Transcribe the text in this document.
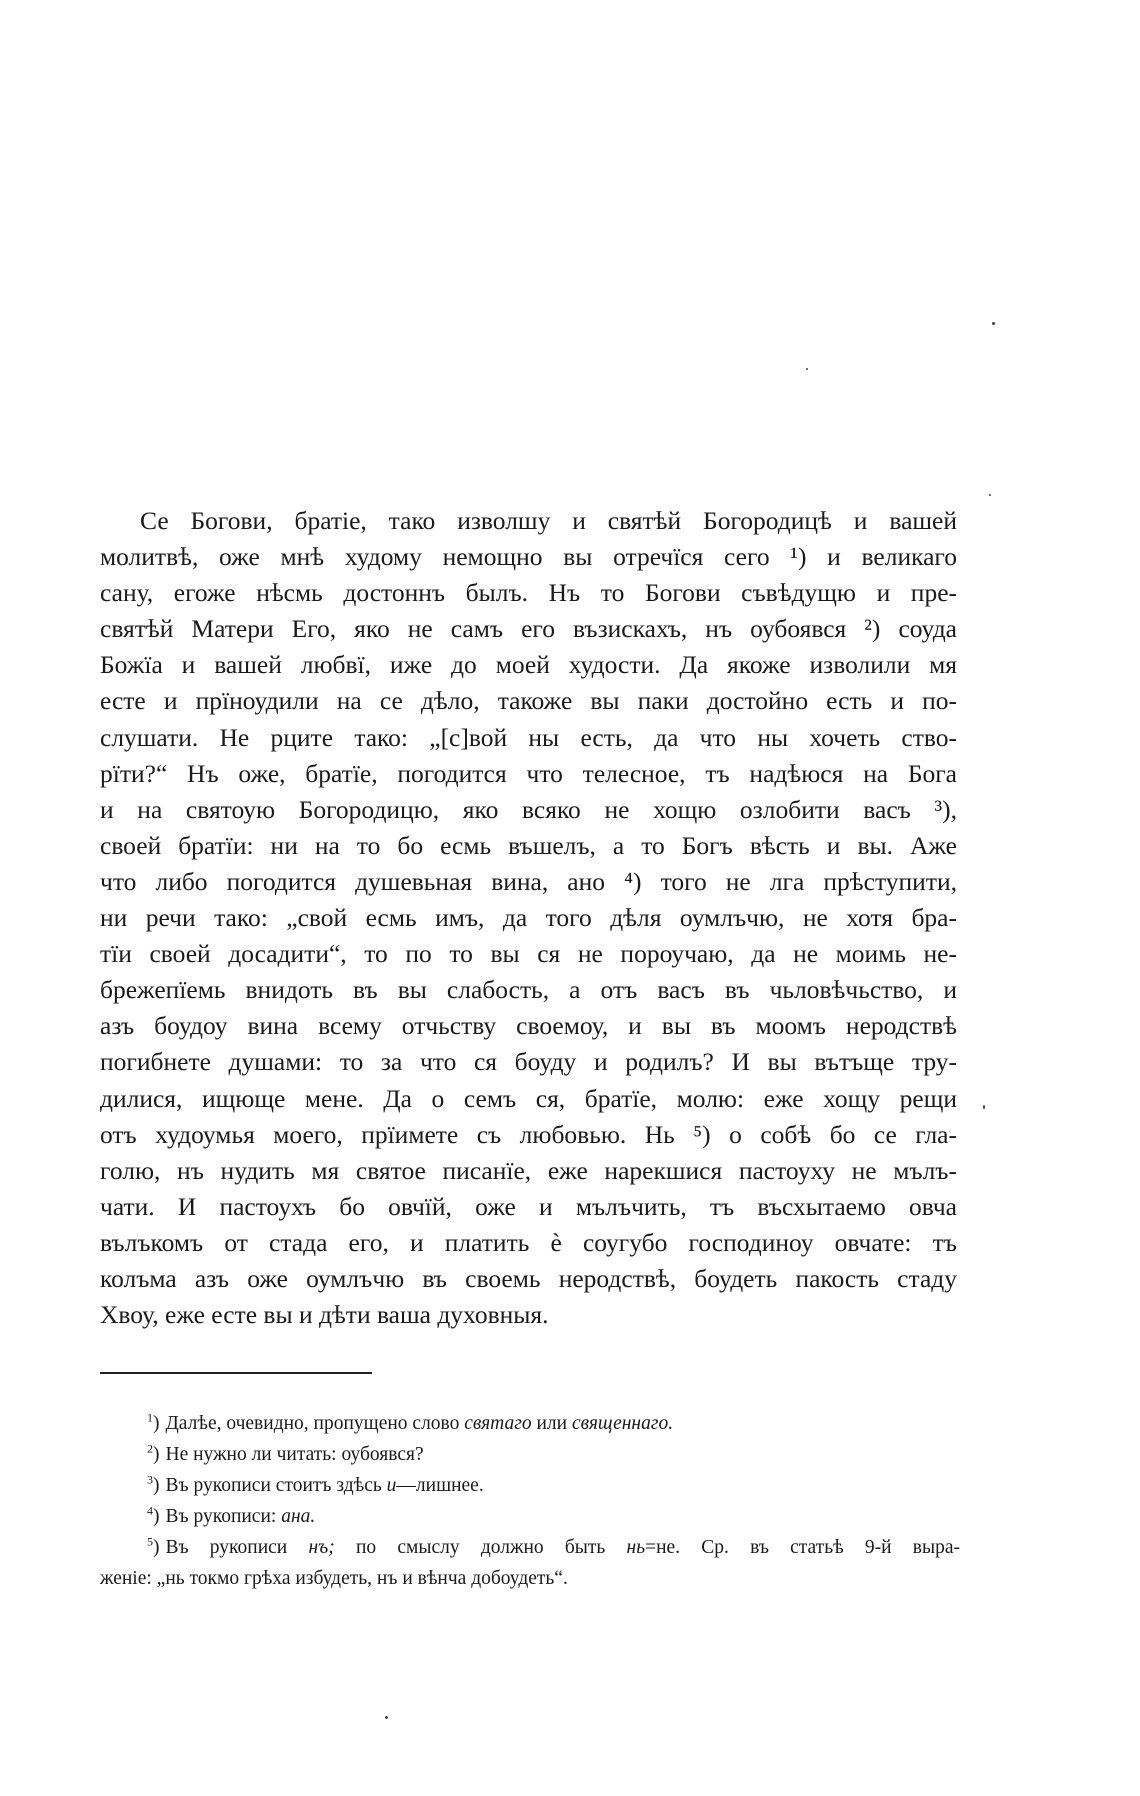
Се Богови, братіе, тако изволшу и святѣй Богородицѣ и вашей
молитвѣ, оже мнѣ худому немощно вы отречїся сего ¹) и великаго
сану, егоже нѣсмь достоннъ былъ. Нъ то Богови съвѣдущю и пре-
святѣй Матери Его, яко не самъ его възискахъ, нъ оубоявся ²) соуда
Божїа и вашей любвї, иже до моей худости. Да якоже изволили мя
есте и прїноудили на се дѣло, такоже вы паки достойно есть и по-
слушати. Не рците тако: „[с]вой ны есть, да что ны хочеть ство-
рїти?“ Нъ оже, братїе, погодится что телесное, тъ надѣюся на Бога
и на святоую Богородицю, яко всяко не хощю озлобити васъ ³),
своей братїи: ни на то бо есмь въшелъ, а то Богъ вѣсть и вы. Аже
что либо погодится душевьная вина, ано ⁴) того не лга прѣступити,
ни речи тако: „свой есмь имъ, да того дѣля оумлъчю, не хотя бра-
тїи своей досадити“, то по то вы ся не пороучаю, да не моимь не-
брежепїемь внидоть въ вы слабость, а отъ васъ въ чьловѣчьство, и
азъ боудоу вина всему отчьству своемоу, и вы въ моомъ неродствѣ
погибнете душами: то за что ся боуду и родилъ? И вы вътъще тру-
дилися, ищюще мене. Да о семъ ся, братїе, молю: еже хощу рещи
отъ худоумья моего, прїимете съ любовью. Нь ⁵) о собѣ бо се гла-
голю, нъ нудить мя святое писанїе, еже нарекшися пастоуху не мълъ-
чати. И пастоухъ бо овчїй, оже и мълъчить, тъ въсхытаемо овча
вълъкомъ от стада его, и платить ѐ соугубо господиноу овчате: тъ
колъма азъ оже оумлъчю въ своемь неродствѣ, боудеть пакость стаду
Хвоу, еже есте вы и дѣти ваша духовныя.
$^1$) Далѣе, очевидно, пропущено слово святаго или священнаго.
$^2$) Не нужно ли читать: оубоявся?
$^3$) Въ рукописи стоитъ здѣсь и—лишнее.
$^4$) Въ рукописи: ана.
$^5$) Въ рукописи нъ; по смыслу должно быть нь=не. Ср. въ статьѣ 9-й выра-
женіе: „нь токмо грѣха избудеть, нъ и вѣнча добоудеть“.
